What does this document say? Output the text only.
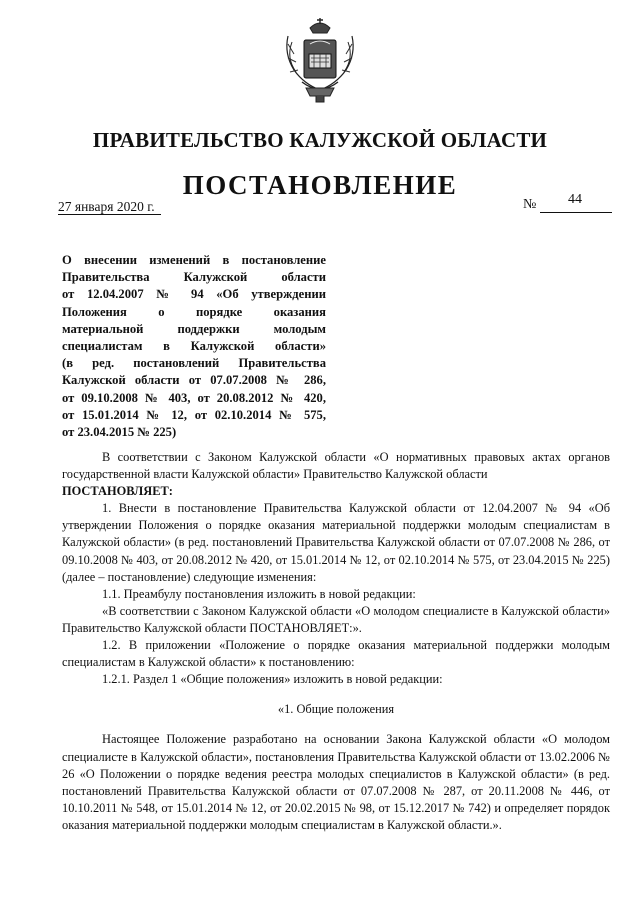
ПРАВИТЕЛЬСТВО КАЛУЖСКОЙ ОБЛАСТИ
ПОСТАНОВЛЕНИЕ
27 января 2020 г.	№ 44
О внесении изменений в постановление
Правительства Калужской области
от 12.04.2007 № 94 «Об утверждении
Положения о порядке оказания
материальной поддержки молодым
специалистам в Калужской области»
(в ред. постановлений Правительства
Калужской области от 07.07.2008 № 286,
от 09.10.2008 № 403, от 20.08.2012 № 420,
от 15.01.2014 № 12, от 02.10.2014 № 575,
от 23.04.2015 № 225)

В соответствии с Законом Калужской области «О нормативных правовых актах органов государственной власти Калужской области» Правительство Калужской области

ПОСТАНОВЛЯЕТ:

1. Внести в постановление Правительства Калужской области от 12.04.2007 № 94 «Об утверждении Положения о порядке оказания материальной поддержки молодым специалистам в Калужской области» (в ред. постановлений Правительства Калужской области от 07.07.2008 № 286, от 09.10.2008 № 403, от 20.08.2012 № 420, от 15.01.2014 № 12, от 02.10.2014 № 575, от 23.04.2015 № 225) (далее – постановление) следующие изменения:

1.1. Преамбулу постановления изложить в новой редакции:

«В соответствии с Законом Калужской области «О молодом специалисте в Калужской области» Правительство Калужской области ПОСТАНОВЛЯЕТ:».

1.2. В приложении «Положение о порядке оказания материальной поддержки молодым специалистам в Калужской области» к постановлению:

1.2.1. Раздел 1 «Общие положения» изложить в новой редакции:

«1. Общие положения

Настоящее Положение разработано на основании Закона Калужской области «О молодом специалисте в Калужской области», постановления Правительства Калужской области от 13.02.2006 № 26 «О Положении о порядке ведения реестра молодых специалистов в Калужской области» (в ред. постановлений Правительства Калужской области от 07.07.2008 № 287, от 20.11.2008 № 446, от 10.10.2011 № 548, от 15.01.2014 № 12, от 20.02.2015 № 98, от 15.12.2017 № 742) и определяет порядок оказания материальной поддержки молодым специалистам в Калужской области.».
